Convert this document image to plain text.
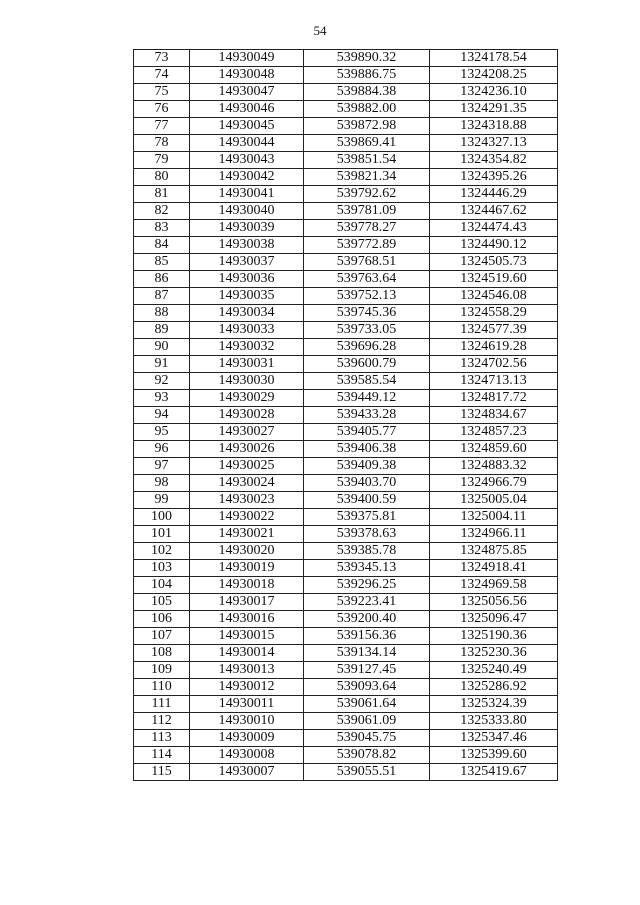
54
73	14930049	539890.32	1324178.54
74	14930048	539886.75	1324208.25
75	14930047	539884.38	1324236.10
76	14930046	539882.00	1324291.35
77	14930045	539872.98	1324318.88
78	14930044	539869.41	1324327.13
79	14930043	539851.54	1324354.82
80	14930042	539821.34	1324395.26
81	14930041	539792.62	1324446.29
82	14930040	539781.09	1324467.62
83	14930039	539778.27	1324474.43
84	14930038	539772.89	1324490.12
85	14930037	539768.51	1324505.73
86	14930036	539763.64	1324519.60
87	14930035	539752.13	1324546.08
88	14930034	539745.36	1324558.29
89	14930033	539733.05	1324577.39
90	14930032	539696.28	1324619.28
91	14930031	539600.79	1324702.56
92	14930030	539585.54	1324713.13
93	14930029	539449.12	1324817.72
94	14930028	539433.28	1324834.67
95	14930027	539405.77	1324857.23
96	14930026	539406.38	1324859.60
97	14930025	539409.38	1324883.32
98	14930024	539403.70	1324966.79
99	14930023	539400.59	1325005.04
100	14930022	539375.81	1325004.11
101	14930021	539378.63	1324966.11
102	14930020	539385.78	1324875.85
103	14930019	539345.13	1324918.41
104	14930018	539296.25	1324969.58
105	14930017	539223.41	1325056.56
106	14930016	539200.40	1325096.47
107	14930015	539156.36	1325190.36
108	14930014	539134.14	1325230.36
109	14930013	539127.45	1325240.49
110	14930012	539093.64	1325286.92
111	14930011	539061.64	1325324.39
112	14930010	539061.09	1325333.80
113	14930009	539045.75	1325347.46
114	14930008	539078.82	1325399.60
115	14930007	539055.51	1325419.67
